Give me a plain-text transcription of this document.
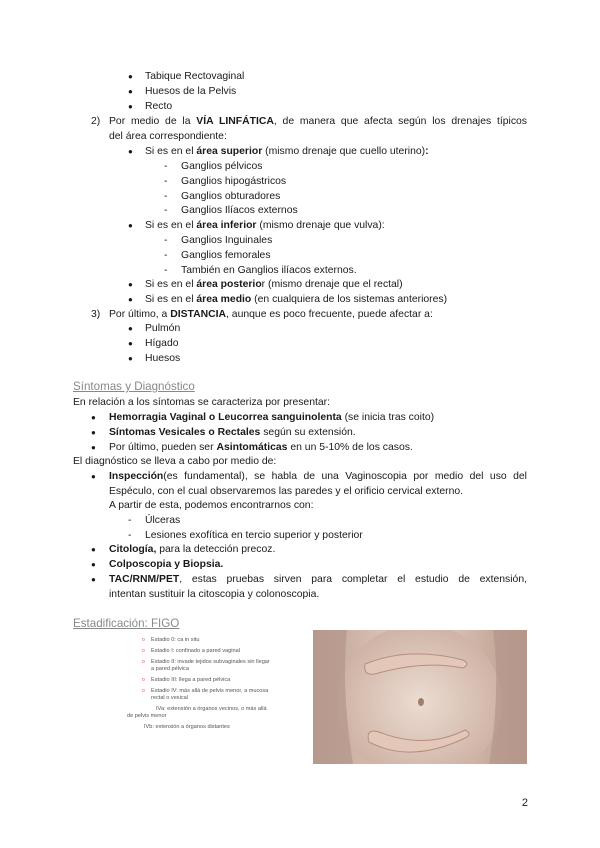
● Tabique Rectovaginal
● Huesos de la Pelvis
● Recto
2) Por medio de la VÍA LINFÁTICA, de manera que afecta según los drenajes típicos
del área correspondiente:
● Si es en el área superior (mismo drenaje que cuello uterino):
- Ganglios pélvicos
- Ganglios hipogástricos
- Ganglios obturadores
- Ganglios Ilíacos externos
● Si es en el área inferior (mismo drenaje que vulva):
- Ganglios Inguinales
- Ganglios femorales
- También en Ganglios ilíacos externos.
● Si es en el área posterior (mismo drenaje que el rectal)
● Si es en el área medio (en cualquiera de los sistemas anteriores)
3) Por último, a DISTANCIA, aunque es poco frecuente, puede afectar a:
● Pulmón
● Hígado
● Huesos
Síntomas y Diagnóstico
En relación a los síntomas se caracteriza por presentar:
● Hemorragia Vaginal o Leucorrea sanguinolenta (se inicia tras coito)
● Síntomas Vesicales o Rectales según su extensión.
● Por último, pueden ser Asintomáticas en un 5-10% de los casos.
El diagnóstico se lleva a cabo por medio de:
● Inspección(es fundamental), se habla de una Vaginoscopia por medio del uso del
Espéculo, con el cual observaremos las paredes y el orificio cervical externo.
A partir de esta, podemos encontrarnos con:
- Úlceras
- Lesiones exofítica en tercio superior y posterior
● Citología, para la detección precoz.
● Colposcopia y Biopsia.
● TAC/RNM/PET, estas pruebas sirven para completar el estudio de extensión,
intentan sustituir la citoscopia y colonoscopia.
Estadificación: FIGO
o Estadio 0: ca in situ
o Estadio I: confinado a pared vaginal
o Estadio II: invade tejidos subvaginales sin llegar
a pared pélvica
o Estadio III: llega a pared pélvica
o Estadio IV: más allá de pelvis menor, a mucosa
rectal o vesical
IVa: extensión a órganos vecinos, o más allá
de pelvis menor
IVb: extensión a órganos distantes
2
